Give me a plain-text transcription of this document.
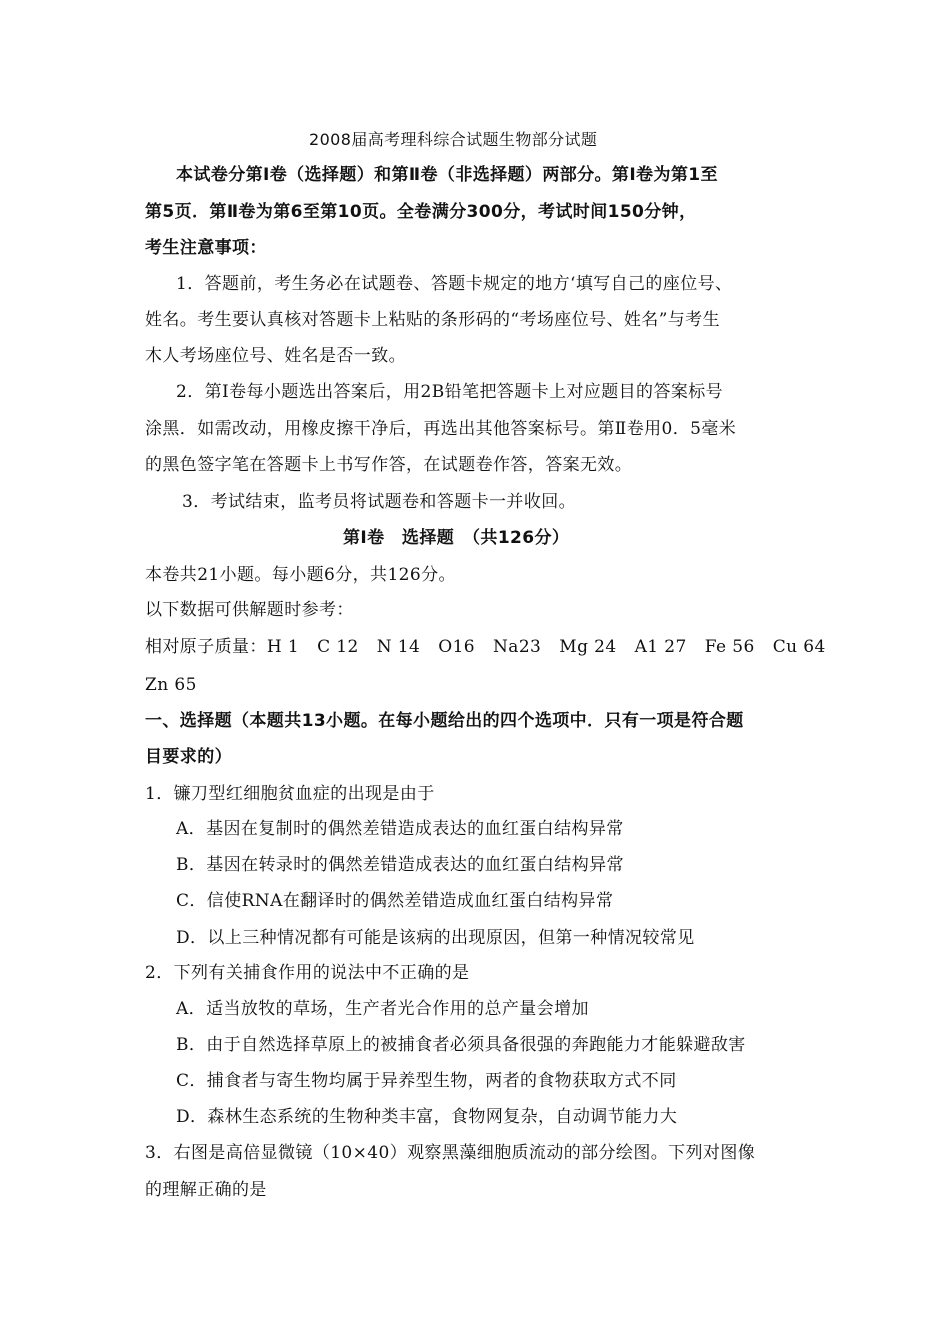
2008届高考理科综合试题生物部分试题
本试卷分第Ⅰ卷（选择题）和第Ⅱ卷（非选择题）两部分。第Ⅰ卷为第1至
第5页．第Ⅱ卷为第6至第10页。全卷满分300分，考试时间150分钟，
考生注意事项：
1．答题前，考生务必在试题卷、答题卡规定的地方‘填写自己的座位号、
姓名。考生要认真核对答题卡上粘贴的条形码的“考场座位号、姓名”与考生
木人考场座位号、姓名是否一致。
2．第Ⅰ卷每小题选出答案后，用2B铅笔把答题卡上对应题目的答案标号
涂黑．如需改动，用橡皮擦干净后，再选出其他答案标号。第Ⅱ卷用0．5毫米
的黑色签字笔在答题卡上书写作答，在试题卷作答，答案无效。
3．考试结束，监考员将试题卷和答题卡一并收回。
第Ⅰ卷　选择题　（共126分）
本卷共21小题。每小题6分，共126分。
以下数据可供解题时参考：
相对原子质量：H 1 C 12 N 14 O16 Na23 Mg 24 A1 27 Fe 56 Cu 64
Zn 65
一、选择题（本题共13小题。在每小题给出的四个选项中．只有一项是符合题
目要求的）
1．镰刀型红细胞贫血症的出现是由于
A．基因在复制时的偶然差错造成表达的血红蛋白结构异常
B．基因在转录时的偶然差错造成表达的血红蛋白结构异常
C．信使RNA在翻译时的偶然差错造成血红蛋白结构异常
D．以上三种情况都有可能是该病的出现原因，但第一种情况较常见
2．下列有关捕食作用的说法中不正确的是
A．适当放牧的草场，生产者光合作用的总产量会增加
B．由于自然选择草原上的被捕食者必须具备很强的奔跑能力才能躲避敌害
C．捕食者与寄生物均属于异养型生物，两者的食物获取方式不同
D．森林生态系统的生物种类丰富，食物网复杂，自动调节能力大
3．右图是高倍显微镜（10×40）观察黑藻细胞质流动的部分绘图。下列对图像
的理解正确的是
